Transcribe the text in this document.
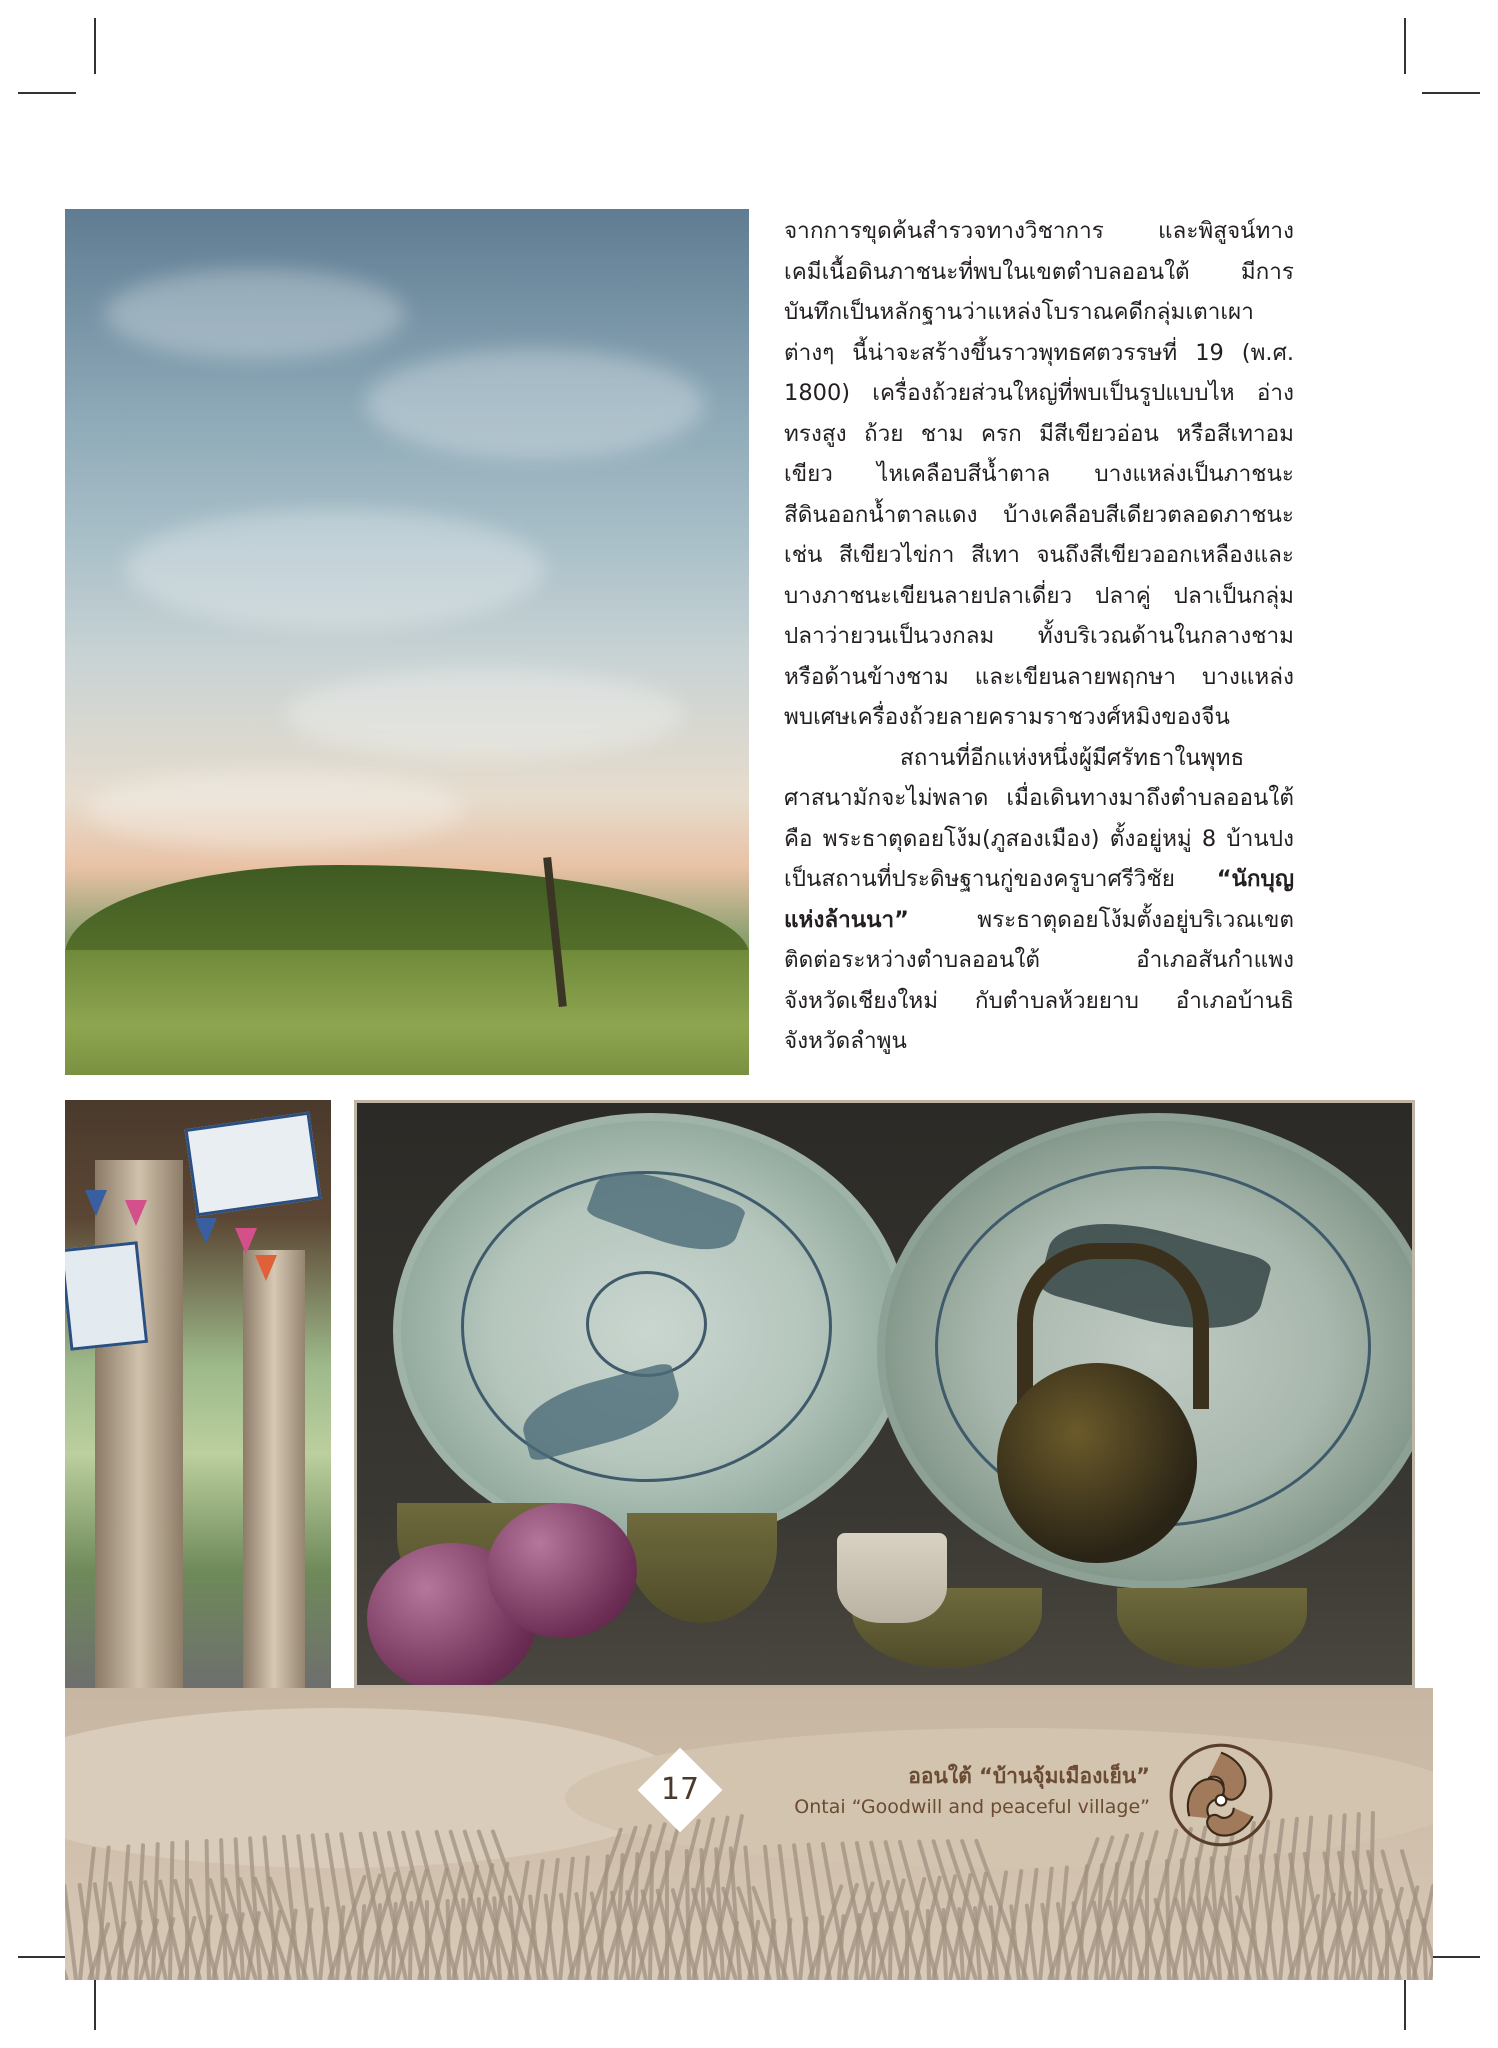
จากการขุดค้นสำรวจทางวิชาการ และพิสูจน์ทาง
เคมีเนื้อดินภาชนะที่พบในเขตตำบลออนใต้ มีการ
บันทึกเป็นหลักฐานว่าแหล่งโบราณคดีกลุ่มเตาเผา
ต่างๆ นี้น่าจะสร้างขึ้นราวพุทธศตวรรษที่ 19 (พ.ศ.
1800) เครื่องถ้วยส่วนใหญ่ที่พบเป็นรูปแบบไห อ่าง
ทรงสูง ถ้วย ชาม ครก มีสีเขียวอ่อน หรือสีเทาอม
เขียว ไหเคลือบสีน้ำตาล บางแหล่งเป็นภาชนะ
สีดินออกน้ำตาลแดง บ้างเคลือบสีเดียวตลอดภาชนะ
เช่น สีเขียวไข่กา สีเทา จนถึงสีเขียวออกเหลืองและ
บางภาชนะเขียนลายปลาเดี่ยว ปลาคู่ ปลาเป็นกลุ่ม
ปลาว่ายวนเป็นวงกลม ทั้งบริเวณด้านในกลางชาม
หรือด้านข้างชาม และเขียนลายพฤกษา บางแหล่ง
พบเศษเครื่องถ้วยลายครามราชวงศ์หมิงของจีน
สถานที่อีกแห่งหนึ่งผู้มีศรัทธาในพุทธ
ศาสนามักจะไม่พลาด เมื่อเดินทางมาถึงตำบลออนใต้
คือ พระธาตุดอยโง้ม(ภูสองเมือง) ตั้งอยู่หมู่ 8 บ้านปง
เป็นสถานที่ประดิษฐานกู่ของครูบาศรีวิชัย “นักบุญ
แห่งล้านนา” พระธาตุดอยโง้มตั้งอยู่บริเวณเขต
ติดต่อระหว่างตำบลออนใต้ อำเภอสันกำแพง
จังหวัดเชียงใหม่ กับตำบลห้วยยาบ อำเภอบ้านธิ
จังหวัดลำพูน
17	ออนใต้ “บ้านจุ้มเมืองเย็น”
Ontai “Goodwill and peaceful village”
